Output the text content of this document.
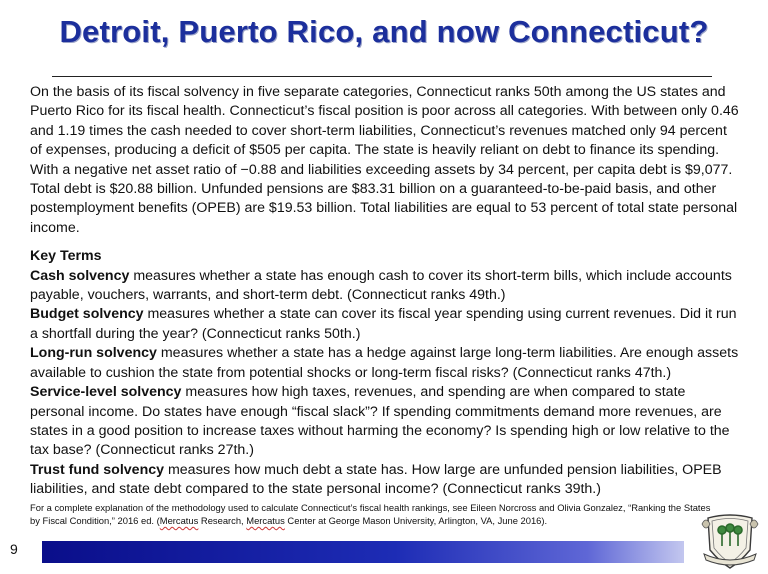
Detroit, Puerto Rico, and now Connecticut?

On the basis of its fiscal solvency in five separate categories, Connecticut ranks 50th among the US states and Puerto Rico for its fiscal health. Connecticut’s fiscal position is poor across all categories. With between only 0.46 and 1.19 times the cash needed to cover short-term liabilities, Connecticut’s revenues matched only 94 percent of expenses, producing a deficit of $505 per capita. The state is heavily reliant on debt to finance its spending. With a negative net asset ratio of −0.88 and liabilities exceeding assets by 34 percent, per capita debt is $9,077. Total debt is $20.88 billion. Unfunded pensions are $83.31 billion on a guaranteed-to-be-paid basis, and other postemployment benefits (OPEB) are $19.53 billion. Total liabilities are equal to 53 percent of total state personal income.

Key Terms

Cash solvency measures whether a state has enough cash to cover its short-term bills, which include accounts payable, vouchers, warrants, and short-term debt. (Connecticut ranks 49th.)

Budget solvency measures whether a state can cover its fiscal year spending using current revenues. Did it run a shortfall during the year? (Connecticut ranks 50th.)

Long-run solvency measures whether a state has a hedge against large long-term liabilities. Are enough assets available to cushion the state from potential shocks or long-term fiscal risks? (Connecticut ranks 47th.)

Service-level solvency measures how high taxes, revenues, and spending are when compared to state personal income. Do states have enough “fiscal slack”? If spending commitments demand more revenues, are states in a good position to increase taxes without harming the economy? Is spending high or low relative to the tax base? (Connecticut ranks 27th.)

Trust fund solvency measures how much debt a state has. How large are unfunded pension liabilities, OPEB liabilities, and state debt compared to the state personal income? (Connecticut ranks 39th.)

For a complete explanation of the methodology used to calculate Connecticut’s fiscal health rankings, see Eileen Norcross and Olivia Gonzalez, “Ranking the States by Fiscal Condition,” 2016 ed. (Mercatus Research, Mercatus Center at George Mason University, Arlington, VA, June 2016).
9
